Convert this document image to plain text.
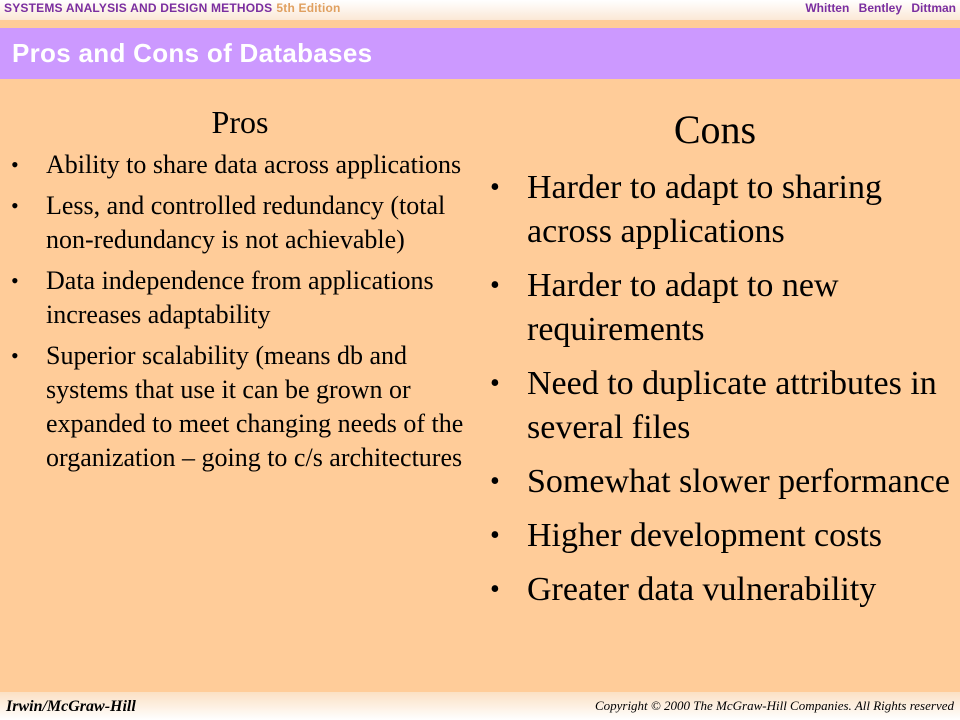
SYSTEMS ANALYSIS AND DESIGN METHODS 5th Edition	Whitten Bentley Dittman
Pros and Cons of Databases
Pros
• Ability to share data across applications
• Less, and controlled redundancy (total non-redundancy is not achievable)
• Data independence from applications increases adaptability
• Superior scalability (means db and systems that use it can be grown or expanded to meet changing needs of the organization – going to c/s architectures
Cons
• Harder to adapt to sharing across applications
• Harder to adapt to new requirements
• Need to duplicate attributes in several files
• Somewhat slower performance
• Higher development costs
• Greater data vulnerability
Irwin/McGraw-Hill	Copyright © 2000 The McGraw-Hill Companies. All Rights reserved
